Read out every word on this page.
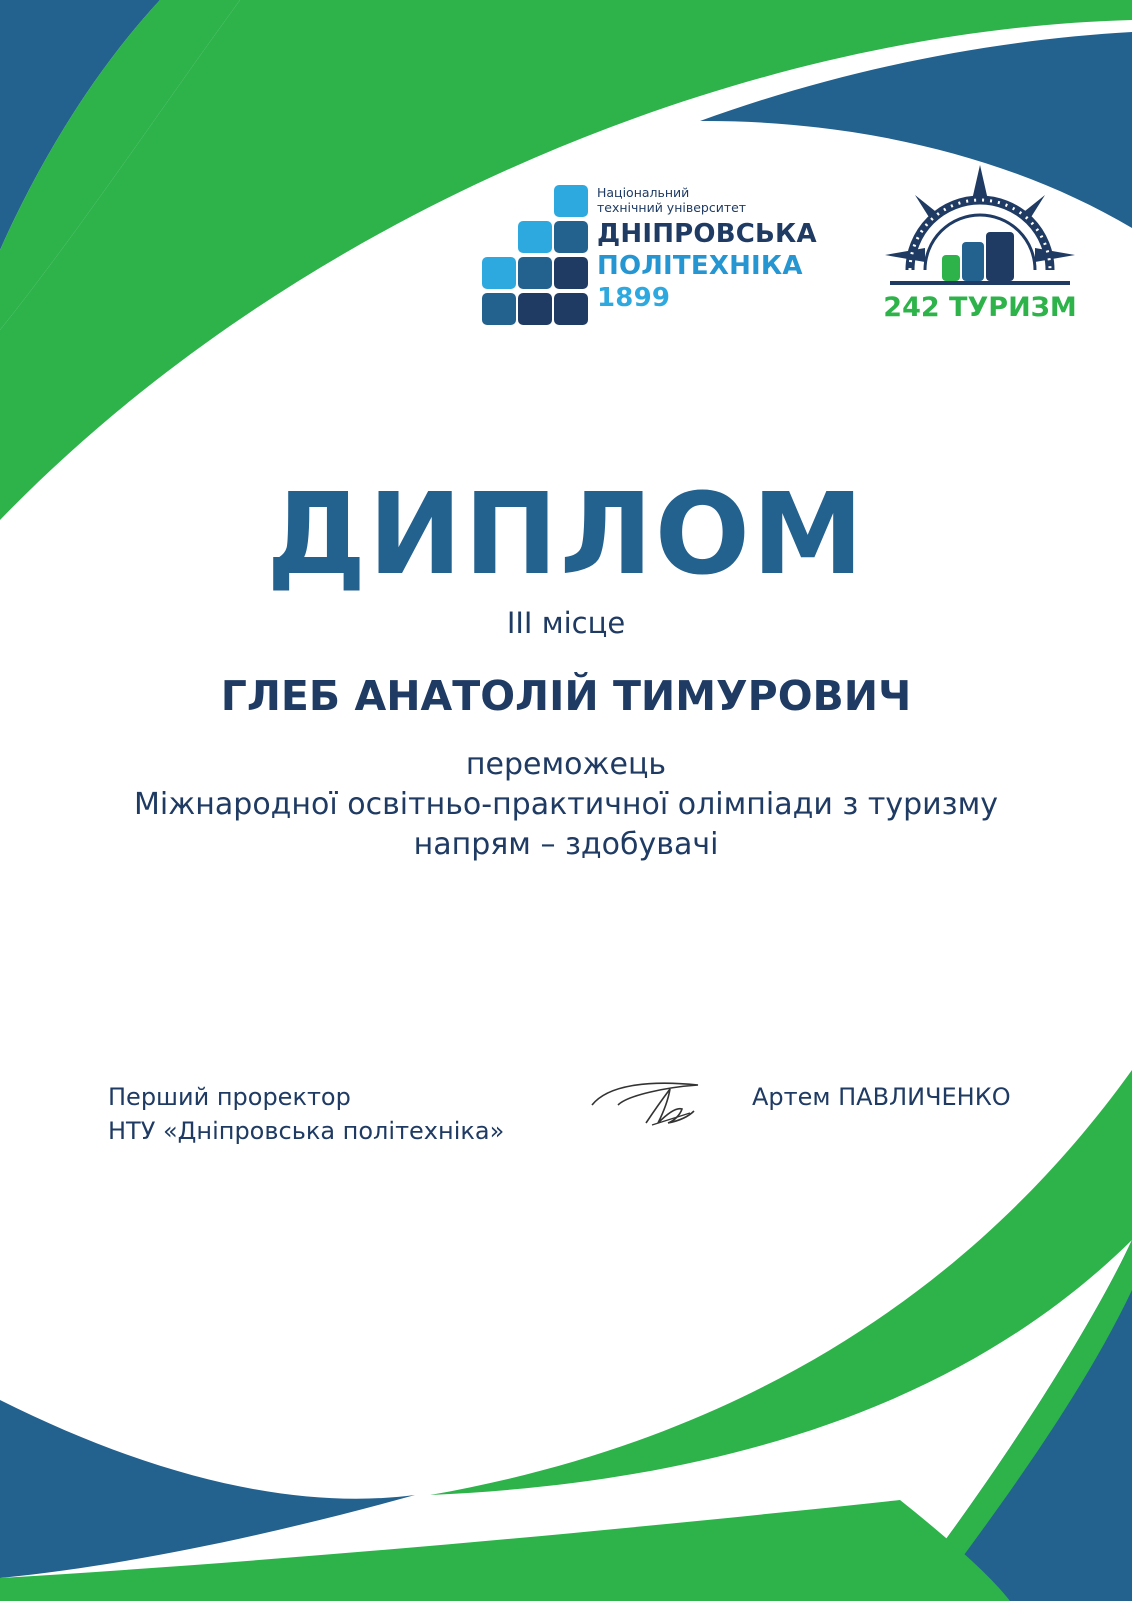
Національний
технічний університет
ДНІПРОВСЬКА
ПОЛІТЕХНІКА
1899	242 ТУРИЗМ
ДИПЛОМ
ІІІ місце
ГЛЕБ АНАТОЛІЙ ТИМУРОВИЧ
переможець
Міжнародної освітньо-практичної олімпіади з туризму
напрям – здобувачі
Перший проректор
НТУ «Дніпровська політехніка»
Артем ПАВЛИЧЕНКО
